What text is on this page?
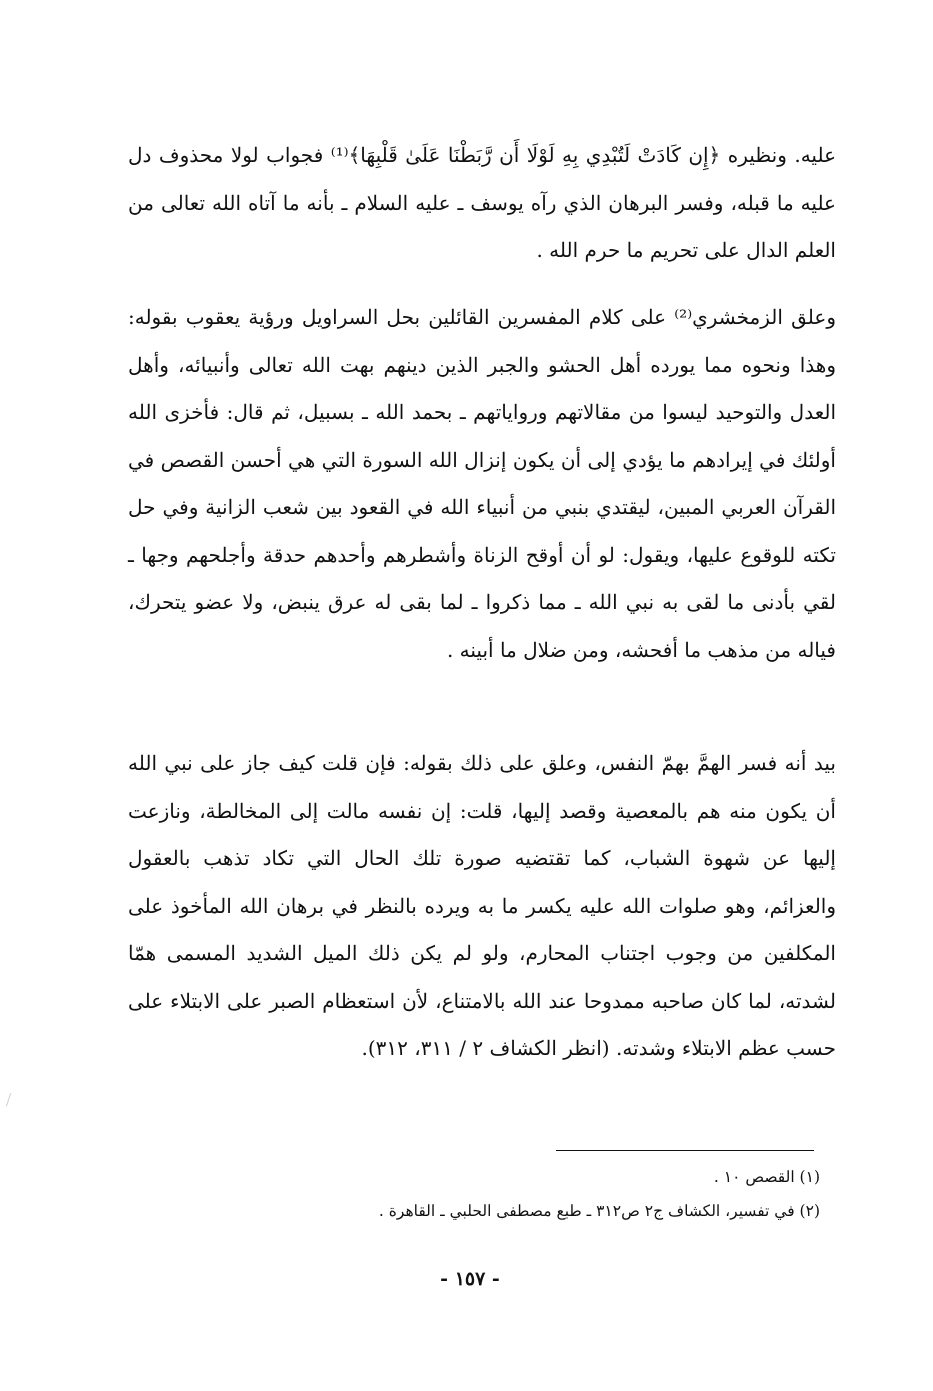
عليه. ونظيره ﴿إِن كَادَتْ لَتُبْدِي بِهِ لَوْلَا أَن رَّبَطْنَا عَلَىٰ قَلْبِهَا﴾⁽¹⁾ فجواب لولا محذوف دل عليه ما قبله، وفسر البرهان الذي رآه يوسف ـ عليه السلام ـ بأنه ما آتاه الله تعالى من العلم الدال على تحريم ما حرم الله .

وعلق الزمخشري⁽²⁾ على كلام المفسرين القائلين بحل السراويل ورؤية يعقوب بقوله: وهذا ونحوه مما يورده أهل الحشو والجبر الذين دينهم بهت الله تعالى وأنبيائه، وأهل العدل والتوحيد ليسوا من مقالاتهم ورواياتهم ـ بحمد الله ـ بسبيل، ثم قال: فأخزى الله أولئك في إيرادهم ما يؤدي إلى أن يكون إنزال الله السورة التي هي أحسن القصص في القرآن العربي المبين، ليقتدي بنبي من أنبياء الله في القعود بين شعب الزانية وفي حل تكته للوقوع عليها، ويقول: لو أن أوقح الزناة وأشطرهم وأحدهم حدقة وأجلحهم وجها ـ لقي بأدنى ما لقى به نبي الله ـ مما ذكروا ـ لما بقى له عرق ينبض، ولا عضو يتحرك، فياله من مذهب ما أفحشه، ومن ضلال ما أبينه .

بيد أنه فسر الهمَّ بهمّ النفس، وعلق على ذلك بقوله: فإن قلت كيف جاز على نبي الله أن يكون منه هم بالمعصية وقصد إليها، قلت: إن نفسه مالت إلى المخالطة، ونازعت إليها عن شهوة الشباب، كما تقتضيه صورة تلك الحال التي تكاد تذهب بالعقول والعزائم، وهو صلوات الله عليه يكسر ما به ويرده بالنظر في برهان الله المأخوذ على المكلفين من وجوب اجتناب المحارم، ولو لم يكن ذلك الميل الشديد المسمى همّا لشدته، لما كان صاحبه ممدوحا عند الله بالامتناع، لأن استعظام الصبر على الابتلاء على حسب عظم الابتلاء وشدته. (انظر الكشاف ٢ / ٣١١، ٣١٢).

(١) القصص ١٠ .

(٢) في تفسير، الكشاف ج٢ ص٣١٢ ـ طبع مصطفى الحلبي ـ القاهرة .

- ١٥٧ -
